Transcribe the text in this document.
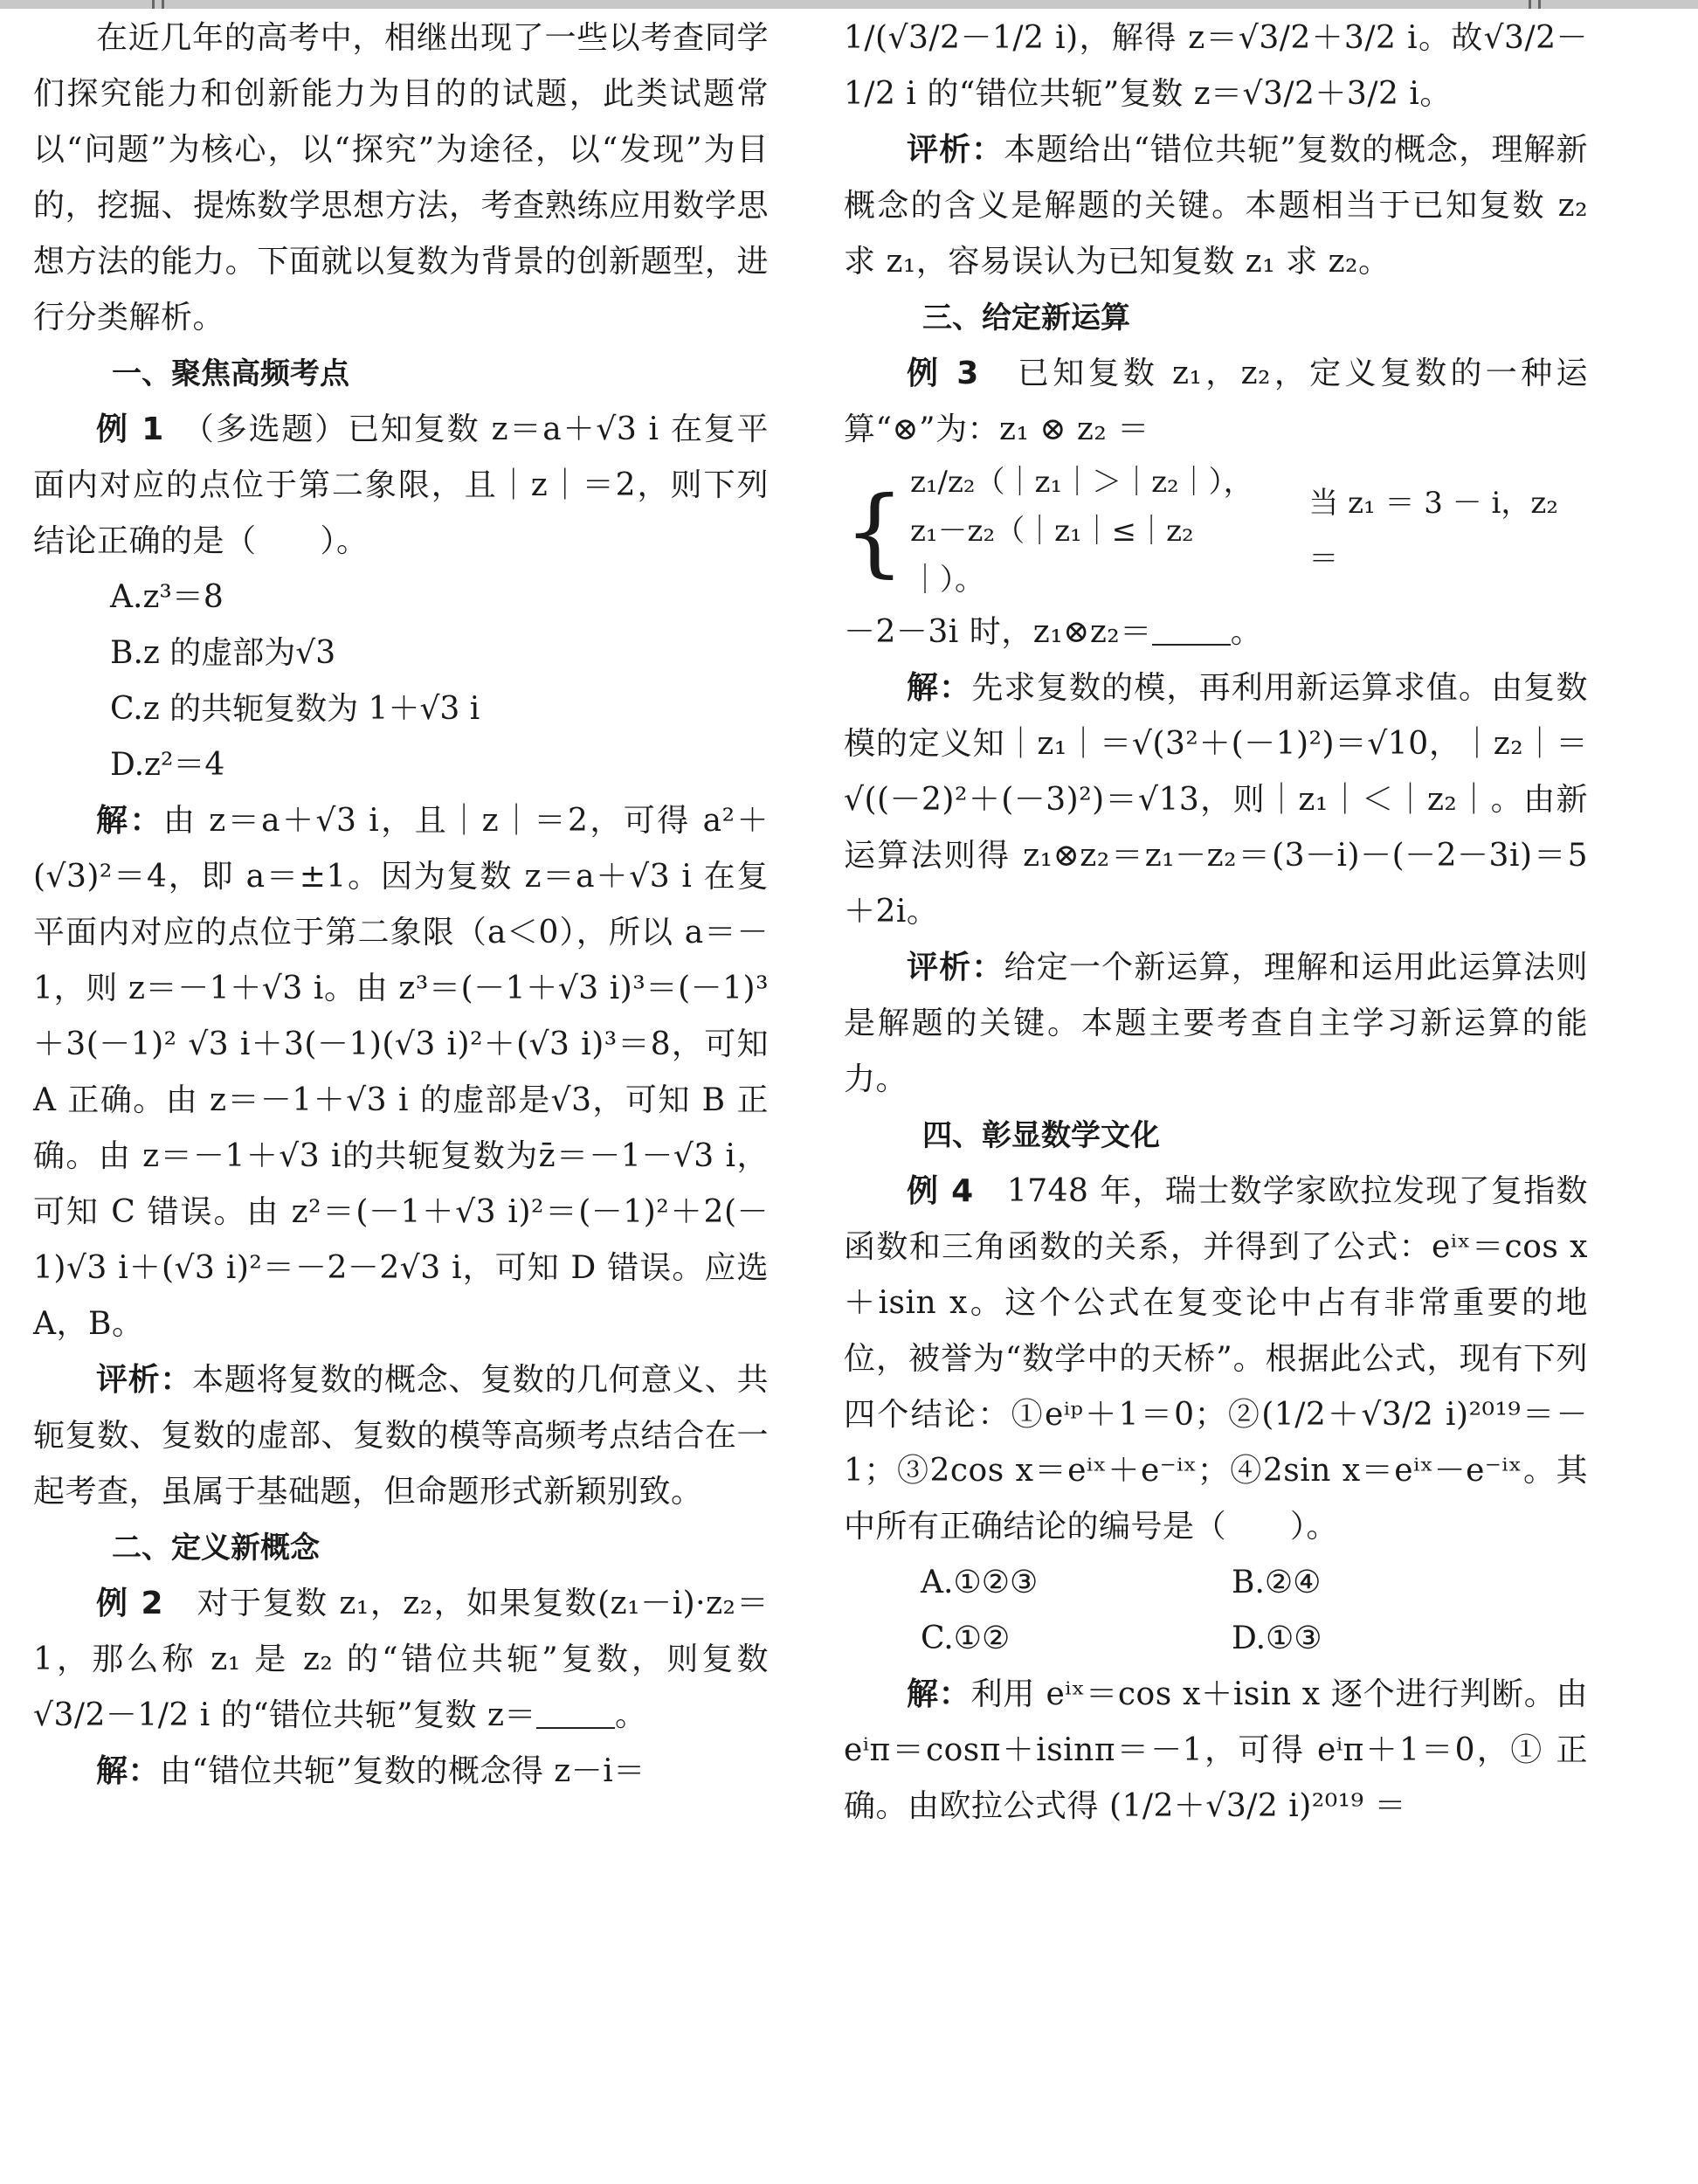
在近几年的高考中，相继出现了一些以考查同学们探究能力和创新能力为目的的试题，此类试题常以“问题”为核心，以“探究”为途径，以“发现”为目的，挖掘、提炼数学思想方法，考查熟练应用数学思想方法的能力。下面就以复数为背景的创新题型，进行分类解析。

一、聚焦高频考点

例 1　 （多选题）已知复数 z＝a＋√3 i 在复平面内对应的点位于第二象限，且｜z｜＝2，则下列结论正确的是（　　）。

A.z³＝8

B.z 的虚部为√3

C.z 的共轭复数为 1＋√3 i

D.z²＝4

解：由 z＝a＋√3 i，且｜z｜＝2，可得 a²＋(√3)²＝4，即 a＝±1。因为复数 z＝a＋√3 i 在复平面内对应的点位于第二象限（a＜0），所以 a＝－1，则 z＝－1＋√3 i。由 z³＝(－1＋√3 i)³＝(－1)³＋3(－1)² √3 i＋3(－1)(√3 i)²＋(√3 i)³＝8，可知 A 正确。由 z＝－1＋√3 i 的虚部是√3，可知 B 正确。由 z＝－1＋√3 i的共轭复数为z̄＝－1－√3 i，可知 C 错误。由 z²＝(－1＋√3 i)²＝(－1)²＋2(－1)√3 i＋(√3 i)²＝－2－2√3 i，可知 D 错误。应选 A，B。

评析：本题将复数的概念、复数的几何意义、共轭复数、复数的虚部、复数的模等高频考点结合在一起考查，虽属于基础题，但命题形式新颖别致。

二、定义新概念

例 2　 对于复数 z₁，z₂，如果复数(z₁－i)·z₂＝1，那么称 z₁ 是 z₂ 的“错位共轭”复数，则复数√3/2－1/2 i 的“错位共轭”复数 z＝	。

解：由“错位共轭”复数的概念得 z－i＝

1/(√3/2－1/2 i)，解得 z＝√3/2＋3/2 i。故√3/2－1/2 i 的“错位共轭”复数 z＝√3/2＋3/2 i。

评析：本题给出“错位共轭”复数的概念，理解新概念的含义是解题的关键。本题相当于已知复数 z₂ 求 z₁，容易误认为已知复数 z₁ 求 z₂。

三、给定新运算

例 3　 已知复数 z₁，z₂，定义复数的一种运算“⊗”为：z₁ ⊗ z₂ ＝

{ z₁/z₂（｜z₁｜＞｜z₂｜），
z₁－z₂（｜z₁｜≤｜z₂｜）。
当 z₁ ＝ 3 － i，z₂ ＝

－2－3i 时，z₁⊗z₂＝	。

解：先求复数的模，再利用新运算求值。由复数模的定义知｜z₁｜＝√(3²＋(－1)²)＝√10，｜z₂｜＝√((－2)²＋(－3)²)＝√13，则｜z₁｜＜｜z₂｜。由新运算法则得 z₁⊗z₂＝z₁－z₂＝(3－i)－(－2－3i)＝5＋2i。

评析：给定一个新运算，理解和运用此运算法则是解题的关键。本题主要考查自主学习新运算的能力。

四、彰显数学文化

例 4　 1748 年，瑞士数学家欧拉发现了复指数函数和三角函数的关系，并得到了公式：eⁱˣ＝cos x＋isin x。这个公式在复变论中占有非常重要的地位，被誉为“数学中的天桥”。根据此公式，现有下列四个结论：①eⁱᵖ＋1＝0；②(1/2＋√3/2 i)²⁰¹⁹＝－1；③2cos x＝eⁱˣ＋e⁻ⁱˣ；④2sin x＝eⁱˣ－e⁻ⁱˣ。其中所有正确结论的编号是（　　）。

A.①②③	B.②④
C.①②	D.①③

解：利用 eⁱˣ＝cos x＋isin x 逐个进行判断。由 eⁱπ＝cosπ＋isinπ＝－1，可得 eⁱπ＋1＝0，① 正确。由欧拉公式得 (1/2＋√3/2 i)²⁰¹⁹ ＝
